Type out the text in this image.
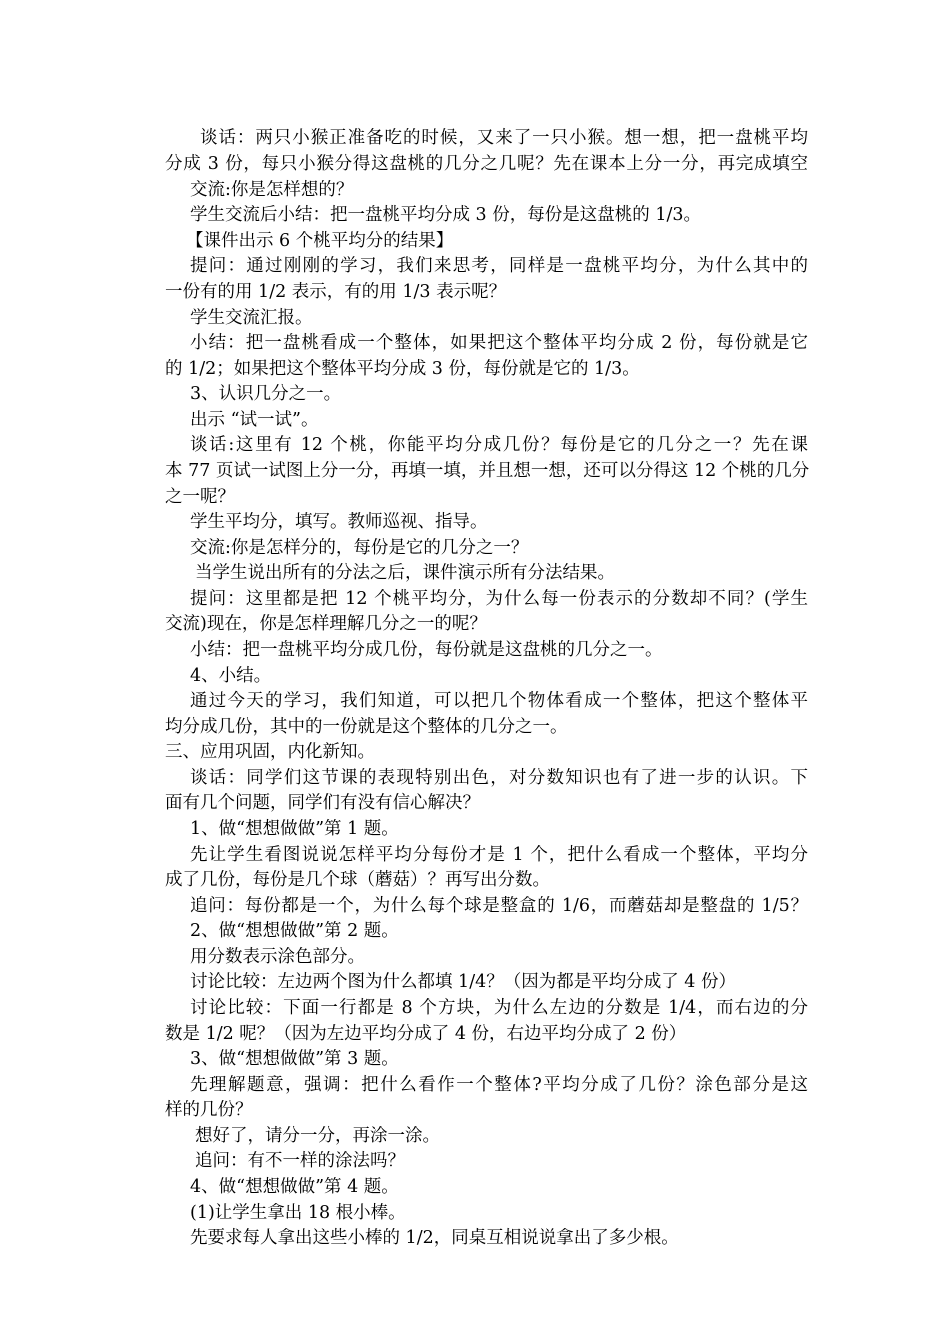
谈话：两只小猴正准备吃的时候，又来了一只小猴。想一想，把一盘桃平均
分成 3 份，每只小猴分得这盘桃的几分之几呢？先在课本上分一分，再完成填空
交流:你是怎样想的？
学生交流后小结：把一盘桃平均分成 3 份，每份是这盘桃的 1/3。
【课件出示 6 个桃平均分的结果】
提问：通过刚刚的学习，我们来思考，同样是一盘桃平均分，为什么其中的
一份有的用 1/2 表示，有的用 1/3 表示呢？
学生交流汇报。
小结：把一盘桃看成一个整体，如果把这个整体平均分成 2 份，每份就是它
的 1/2；如果把这个整体平均分成 3 份，每份就是它的 1/3。
3、认识几分之一。
出示 “试一试”。
谈话:这里有 12 个桃，你能平均分成几份？每份是它的几分之一？先在课
本 77 页试一试图上分一分，再填一填，并且想一想，还可以分得这 12 个桃的几分
之一呢？
学生平均分，填写。教师巡视、指导。
交流:你是怎样分的，每份是它的几分之一？
当学生说出所有的分法之后，课件演示所有分法结果。
提问：这里都是把 12 个桃平均分，为什么每一份表示的分数却不同？(学生
交流)现在，你是怎样理解几分之一的呢？
小结：把一盘桃平均分成几份，每份就是这盘桃的几分之一。
4、小结。
通过今天的学习，我们知道，可以把几个物体看成一个整体，把这个整体平
均分成几份，其中的一份就是这个整体的几分之一。
三、应用巩固，内化新知。
谈话：同学们这节课的表现特别出色，对分数知识也有了进一步的认识。下
面有几个问题，同学们有没有信心解决？
1、做“想想做做”第 1 题。
先让学生看图说说怎样平均分每份才是 1 个，把什么看成一个整体，平均分
成了几份，每份是几个球（蘑菇）？再写出分数。
追问：每份都是一个，为什么每个球是整盒的 1/6，而蘑菇却是整盘的 1/5？
2、做“想想做做”第 2 题。
用分数表示涂色部分。
讨论比较：左边两个图为什么都填 1/4？（因为都是平均分成了 4 份）
讨论比较：下面一行都是 8 个方块，为什么左边的分数是 1/4，而右边的分
数是 1/2 呢？（因为左边平均分成了 4 份，右边平均分成了 2 份）
3、做“想想做做”第 3 题。
先理解题意，强调：把什么看作一个整体?平均分成了几份？涂色部分是这
样的几份？
想好了，请分一分，再涂一涂。
追问：有不一样的涂法吗？
4、做“想想做做”第 4 题。
(1)让学生拿出 18 根小棒。
先要求每人拿出这些小棒的 1/2，同桌互相说说拿出了多少根。
